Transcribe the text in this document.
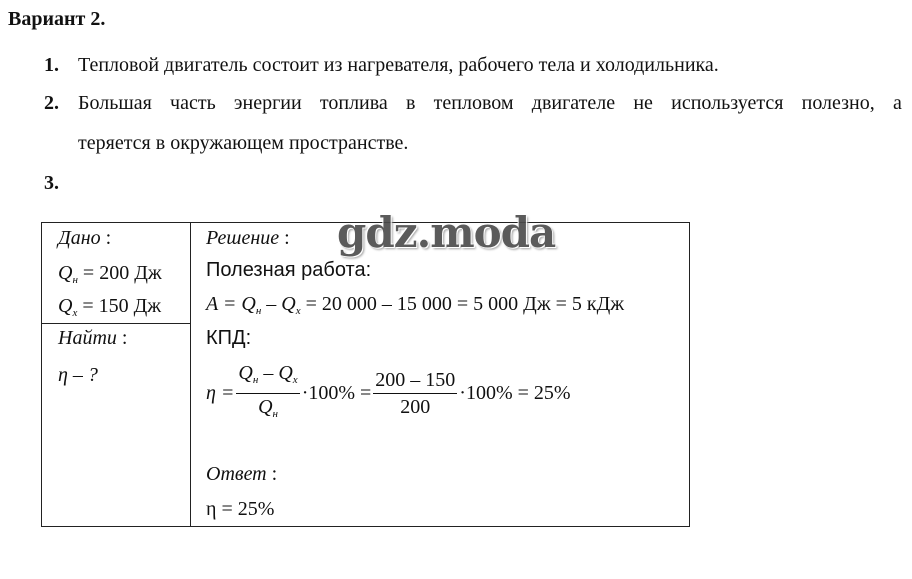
Вариант 2.
1. Тепловой двигатель состоит из нагревателя, рабочего тела и холодильника.
2. Большая часть энергии топлива в тепловом двигателе не используется полезно, а
теряется в окружающем пространстве.
3.
Дано :
$Q_н = 200$ Дж
$Q_х = 150$ Дж
Найти :
η – ?
Решение :
Полезная работа:
$A = Q_н - Q_х = 20$ 000 – 15 000 = 5 000 Дж = 5 кДж
КПД:
$\eta = \frac{Q_н - Q_х}{Q_н} \cdot 100\% = \frac{200 - 150}{200} \cdot 100\% = 25\%$
Ответ :
η = 25%
gdz.moda
